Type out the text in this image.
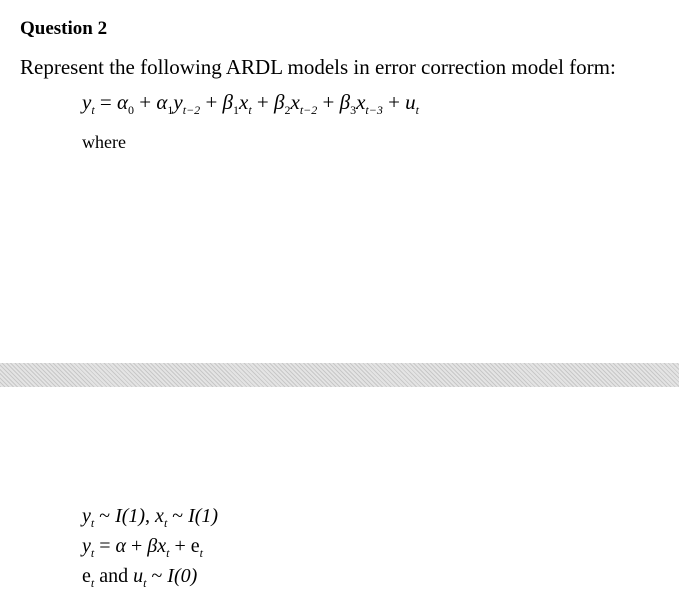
Question 2
Represent the following ARDL models in error correction model form:
$y_t = \alpha_0 + \alpha_1y_{t-2} + \beta_1x_t + \beta_2x_{t-2} + \beta_3x_{t-3} + u_t$
where
$y_t$ ~ I(1), $x_t$ ~ I(1)
$y_t = \alpha + \beta x_t + e_t$
$e_t$ and $u_t$ ~ I(0)
